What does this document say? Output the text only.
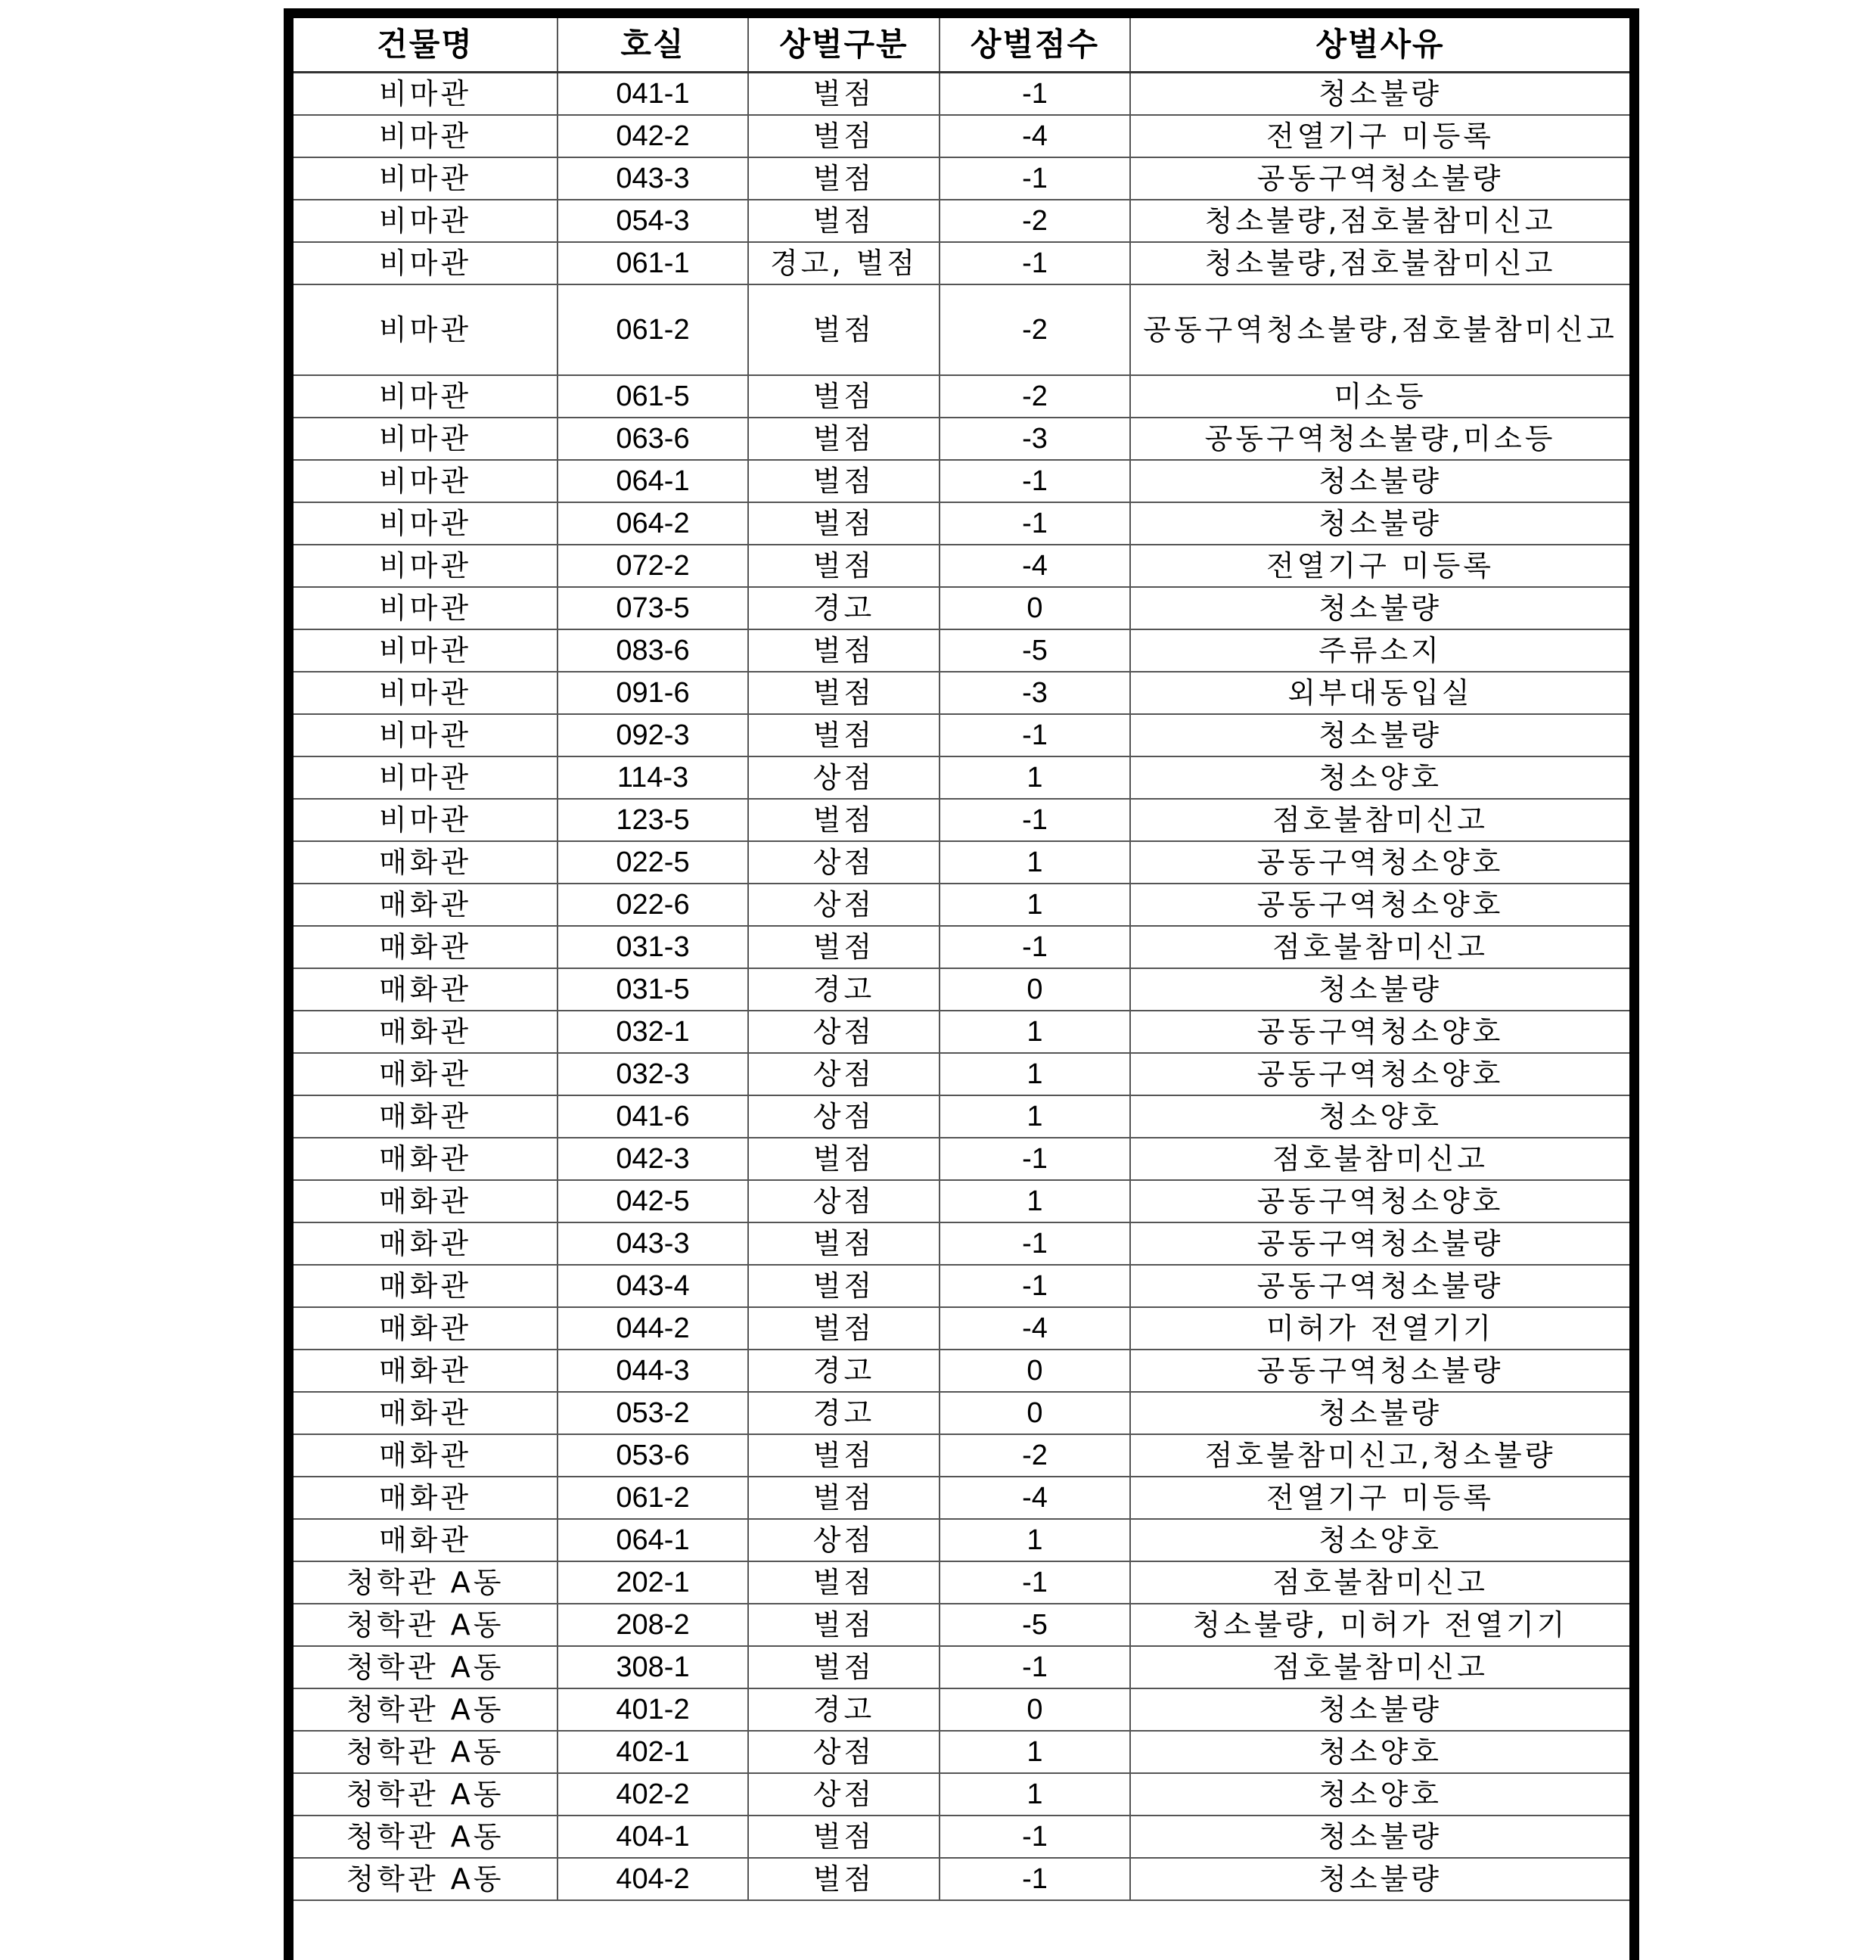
건물명	호실	상벌구분	상벌점수	상벌사유
비마관	041-1	벌점	-1	청소불량
비마관	042-2	벌점	-4	전열기구 미등록
비마관	043-3	벌점	-1	공동구역청소불량
비마관	054-3	벌점	-2	청소불량,점호불참미신고
비마관	061-1	경고, 벌점	-1	청소불량,점호불참미신고
비마관	061-2	벌점	-2	공동구역청소불량,점호불참미신고
비마관	061-5	벌점	-2	미소등
비마관	063-6	벌점	-3	공동구역청소불량,미소등
비마관	064-1	벌점	-1	청소불량
비마관	064-2	벌점	-1	청소불량
비마관	072-2	벌점	-4	전열기구 미등록
비마관	073-5	경고	0	청소불량
비마관	083-6	벌점	-5	주류소지
비마관	091-6	벌점	-3	외부대동입실
비마관	092-3	벌점	-1	청소불량
비마관	114-3	상점	1	청소양호
비마관	123-5	벌점	-1	점호불참미신고
매화관	022-5	상점	1	공동구역청소양호
매화관	022-6	상점	1	공동구역청소양호
매화관	031-3	벌점	-1	점호불참미신고
매화관	031-5	경고	0	청소불량
매화관	032-1	상점	1	공동구역청소양호
매화관	032-3	상점	1	공동구역청소양호
매화관	041-6	상점	1	청소양호
매화관	042-3	벌점	-1	점호불참미신고
매화관	042-5	상점	1	공동구역청소양호
매화관	043-3	벌점	-1	공동구역청소불량
매화관	043-4	벌점	-1	공동구역청소불량
매화관	044-2	벌점	-4	미허가 전열기기
매화관	044-3	경고	0	공동구역청소불량
매화관	053-2	경고	0	청소불량
매화관	053-6	벌점	-2	점호불참미신고,청소불량
매화관	061-2	벌점	-4	전열기구 미등록
매화관	064-1	상점	1	청소양호
청학관 A동	202-1	벌점	-1	점호불참미신고
청학관 A동	208-2	벌점	-5	청소불량, 미허가 전열기기
청학관 A동	308-1	벌점	-1	점호불참미신고
청학관 A동	401-2	경고	0	청소불량
청학관 A동	402-1	상점	1	청소양호
청학관 A동	402-2	상점	1	청소양호
청학관 A동	404-1	벌점	-1	청소불량
청학관 A동	404-2	벌점	-1	청소불량
